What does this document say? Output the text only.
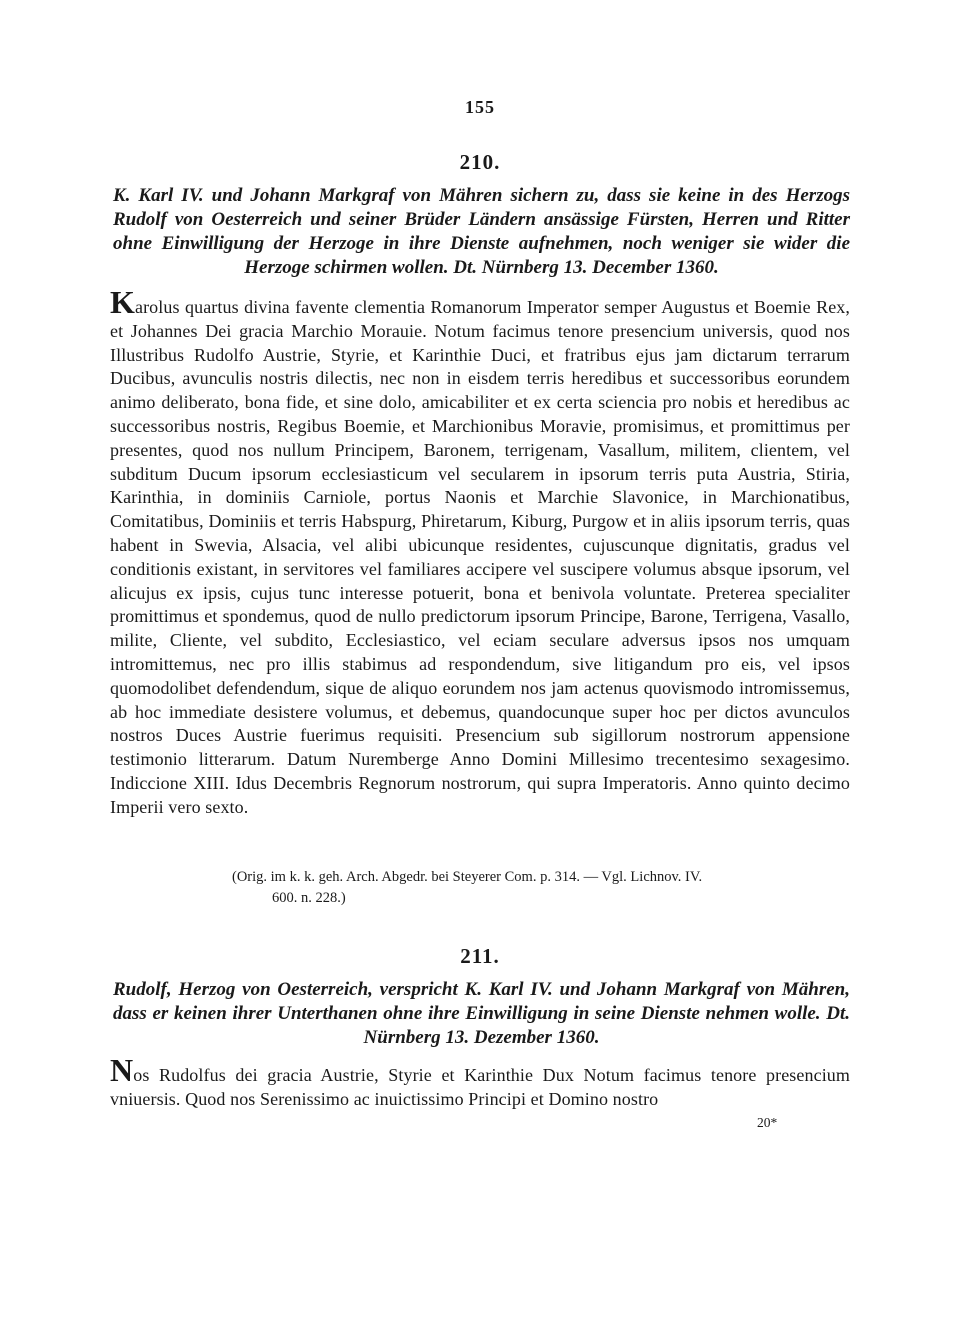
155
210.
K. Karl IV. und Johann Markgraf von Mähren sichern zu, dass sie keine in des Herzogs Rudolf von Oesterreich und seiner Brüder Ländern ansässige Fürsten, Herren und Ritter ohne Einwilligung der Herzoge in ihre Dienste aufnehmen, noch weniger sie wider die Herzoge schirmen wollen. Dt. Nürnberg 13. December 1360.
Karolus quartus divina favente clementia Romanorum Imperator semper Augustus et Boemie Rex, et Johannes Dei gracia Marchio Morauie. Notum facimus tenore presencium universis, quod nos Illustribus Rudolfo Austrie, Styrie, et Karinthie Duci, et fratribus ejus jam dictarum terrarum Ducibus, avunculis nostris dilectis, nec non in eisdem terris heredibus et successoribus eorundem animo deliberato, bona fide, et sine dolo, amicabiliter et ex certa sciencia pro nobis et heredibus ac successoribus nostris, Regibus Boemie, et Marchionibus Moravie, promisimus, et promittimus per presentes, quod nos nullum Principem, Baronem, terrigenam, Vasallum, militem, clientem, vel subditum Ducum ipsorum ecclesiasticum vel secularem in ipsorum terris puta Austria, Stiria, Karinthia, in dominiis Carniole, portus Naonis et Marchie Slavonice, in Marchionatibus, Comitatibus, Dominiis et terris Habspurg, Phiretarum, Kiburg, Purgow et in aliis ipsorum terris, quas habent in Swevia, Alsacia, vel alibi ubicunque residentes, cujuscunque dignitatis, gradus vel conditionis existant, in servitores vel familiares accipere vel suscipere volumus absque ipsorum, vel alicujus ex ipsis, cujus tunc interesse potuerit, bona et benivola voluntate. Preterea specialiter promittimus et spondemus, quod de nullo predictorum ipsorum Principe, Barone, Terrigena, Vasallo, milite, Cliente, vel subdito, Ecclesiastico, vel eciam seculare adversus ipsos nos umquam intromittemus, nec pro illis stabimus ad respondendum, sive litigandum pro eis, vel ipsos quomodolibet defendendum, sique de aliquo eorundem nos jam actenus quovismodo intromissemus, ab hoc immediate desistere volumus, et debemus, quandocunque super hoc per dictos avunculos nostros Duces Austrie fuerimus requisiti. Presencium sub sigillorum nostrorum appensione testimonio litterarum. Datum Nuremberge Anno Domini Millesimo trecentesimo sexagesimo. Indiccione XIII. Idus Decembris Regnorum nostrorum, qui supra Imperatoris. Anno quinto decimo Imperii vero sexto.
(Orig. im k. k. geh. Arch. Abgedr. bei Steyerer Com. p. 314. — Vgl. Lichnov. IV.
600. n. 228.)
211.
Rudolf, Herzog von Oesterreich, verspricht K. Karl IV. und Johann Markgraf von Mähren, dass er keinen ihrer Unterthanen ohne ihre Einwilligung in seine Dienste nehmen wolle. Dt. Nürnberg 13. Dezember 1360.
Nos Rudolfus dei gracia Austrie, Styrie et Karinthie Dux Notum facimus tenore presencium vniuersis. Quod nos Serenissimo ac inuictissimo Principi et Domino nostro
20*
